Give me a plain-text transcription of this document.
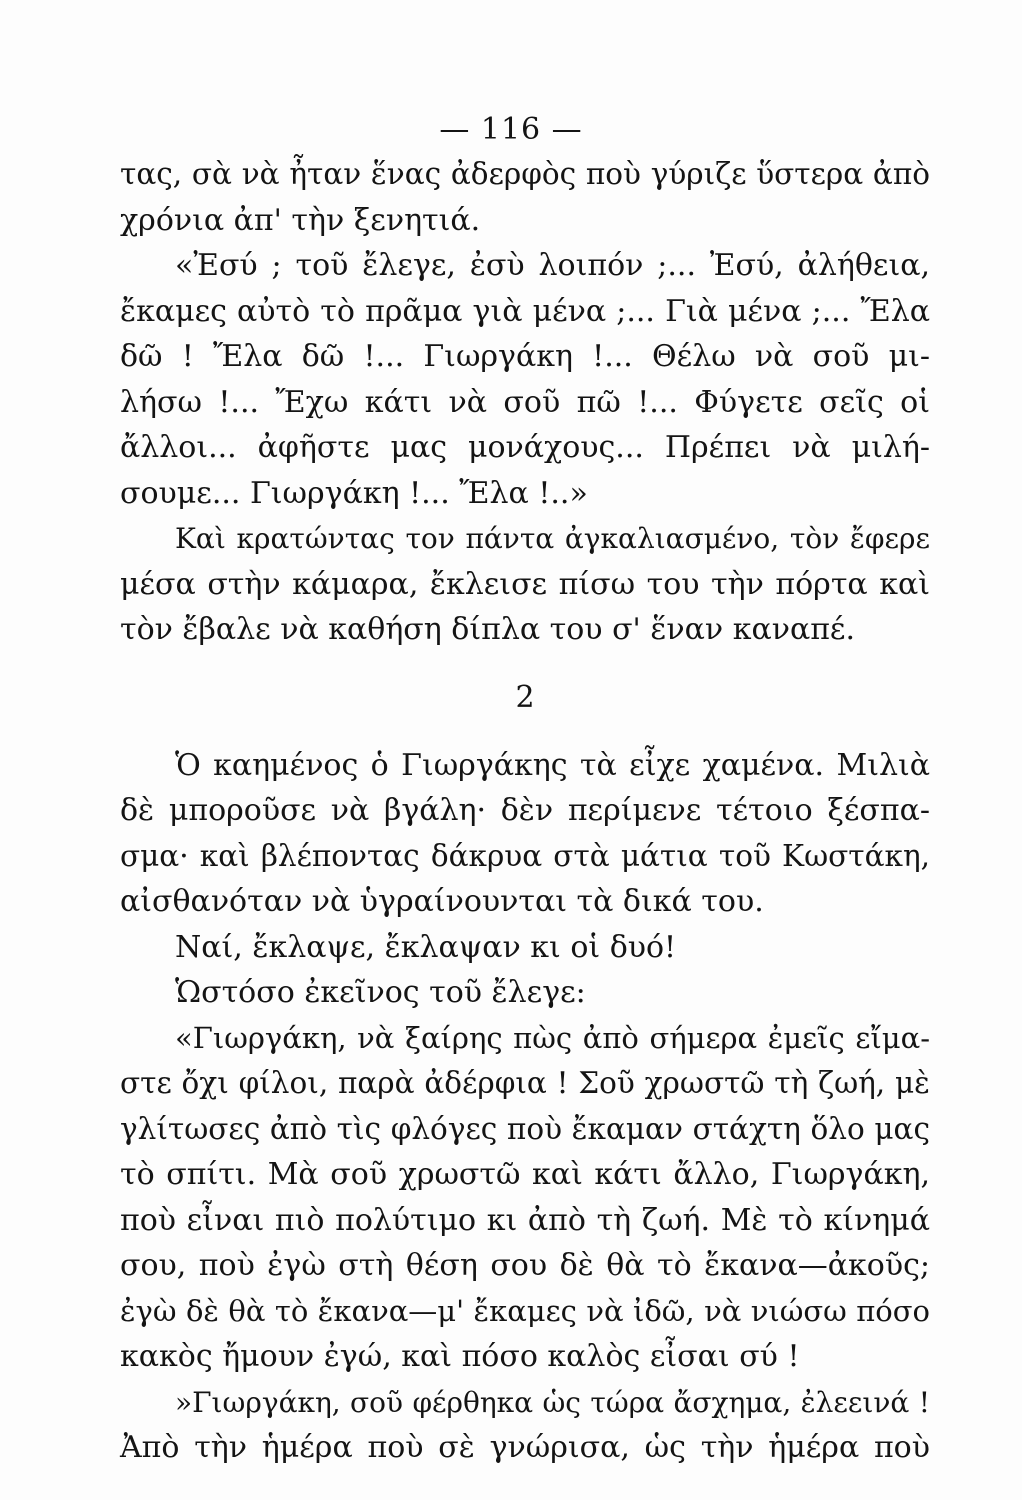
— 116 —
τας, σὰ νὰ ἦταν ἕνας ἀδερφὸς ποὺ γύριζε ὕστερα ἀπὸ
χρόνια ἀπ' τὴν ξενητιά.
«Ἐσύ ; τοῦ ἔλεγε, ἐσὺ λοιπόν ;... Ἐσύ, ἀλήθεια,
ἔκαμες αὐτὸ τὸ πρᾶμα γιὰ μένα ;... Γιὰ μένα ;... Ἔλα
δῶ ! Ἔλα δῶ !... Γιωργάκη !... Θέλω νὰ σοῦ μι-
λήσω !... Ἔχω κάτι νὰ σοῦ πῶ !... Φύγετε σεῖς οἱ
ἄλλοι... ἀφῆστε μας μονάχους... Πρέπει νὰ μιλή-
σουμε... Γιωργάκη !... Ἔλα !..»
Καὶ κρατώντας τον πάντα ἀγκαλιασμένο, τὸν ἔφερε
μέσα στὴν κάμαρα, ἔκλεισε πίσω του τὴν πόρτα καὶ
τὸν ἔβαλε νὰ καθήση δίπλα του σ' ἕναν καναπέ.
2
Ὁ καημένος ὁ Γιωργάκης τὰ εἶχε χαμένα. Μιλιὰ
δὲ μποροῦσε νὰ βγάλη· δὲν περίμενε τέτοιο ξέσπα-
σμα· καὶ βλέποντας δάκρυα στὰ μάτια τοῦ Κωστάκη,
αἰσθανόταν νὰ ὑγραίνουνται τὰ δικά του.
Ναί, ἔκλαψε, ἔκλαψαν κι οἱ δυό!
Ὡστόσο ἐκεῖνος τοῦ ἔλεγε:
«Γιωργάκη, νὰ ξαίρης πὼς ἀπὸ σήμερα ἐμεῖς εἴμα-
στε ὄχι φίλοι, παρὰ ἀδέρφια ! Σοῦ χρωστῶ τὴ ζωή, μὲ
γλίτωσες ἀπὸ τὶς φλόγες ποὺ ἔκαμαν στάχτη ὅλο μας
τὸ σπίτι. Μὰ σοῦ χρωστῶ καὶ κάτι ἄλλο, Γιωργάκη,
ποὺ εἶναι πιὸ πολύτιμο κι ἀπὸ τὴ ζωή. Μὲ τὸ κίνημά
σου, ποὺ ἐγὼ στὴ θέση σου δὲ θὰ τὸ ἔκανα—ἀκοῦς;
ἐγὼ δὲ θὰ τὸ ἔκανα—μ' ἔκαμες νὰ ἰδῶ, νὰ νιώσω πόσο
κακὸς ἤμουν ἐγώ, καὶ πόσο καλὸς εἶσαι σύ !
»Γιωργάκη, σοῦ φέρθηκα ὡς τώρα ἄσχημα, ἐλεεινά !
Ἀπὸ τὴν ἡμέρα ποὺ σὲ γνώρισα, ὡς τὴν ἡμέρα ποὺ
